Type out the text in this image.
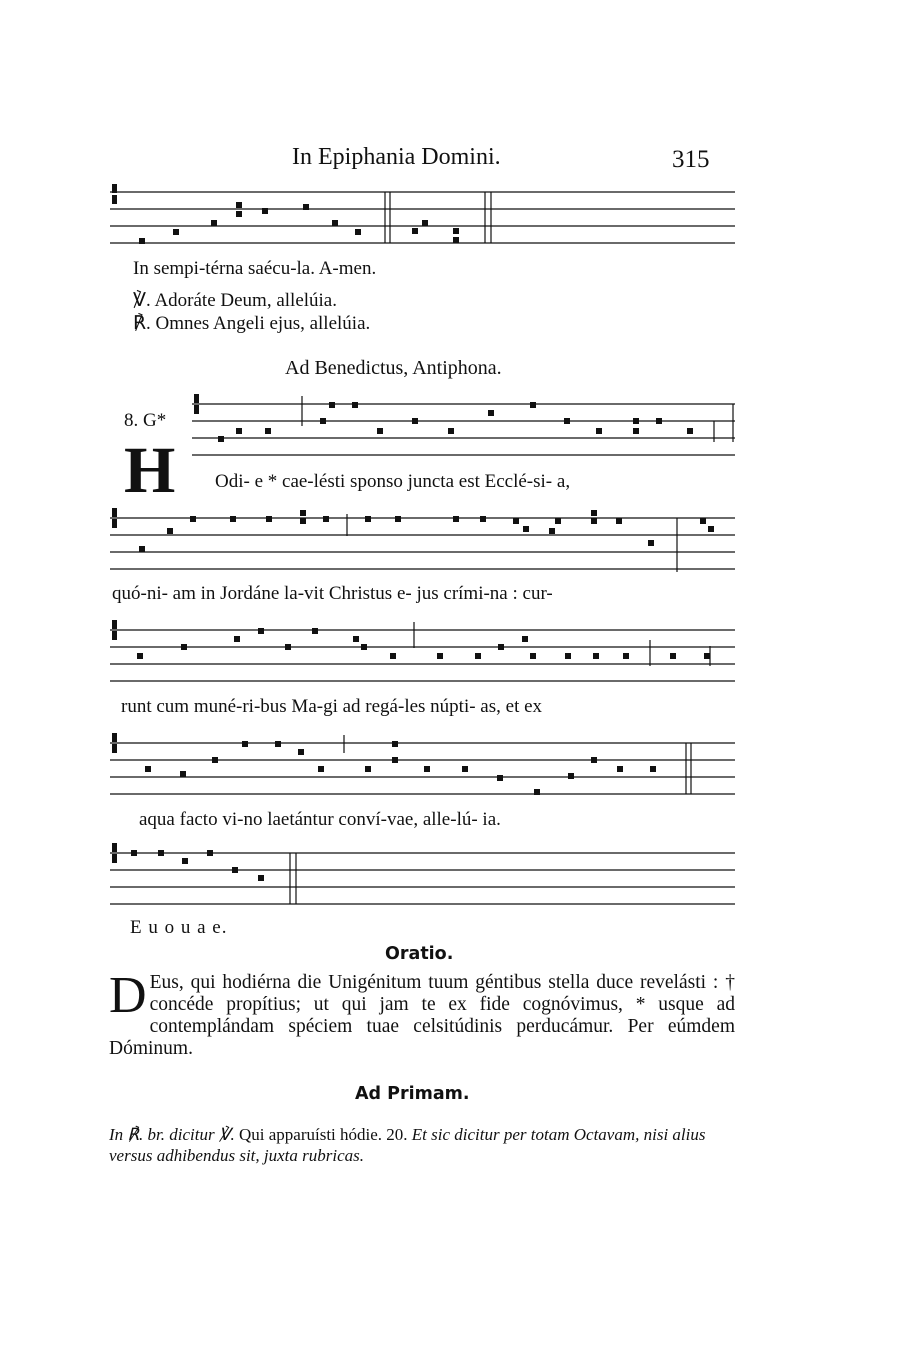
In Epiphania Domini.	315
In sempi-térna saécu-la. A-men.
℣. Adoráte Deum, allelúia.
℟. Omnes Angeli ejus, allelúia.
Ad Benedictus, Antiphona.
8. G*
H Odi- e * cae-lésti sponso juncta est Ecclé-si- a,
quó-ni- am in Jordáne la-vit Christus e- jus crími-na : cur-
runt cum muné-ri-bus Ma-gi ad regá-les núpti- as, et ex
aqua facto vi-no laetántur conví-vae, alle-lú- ia.
E u o u a e.
Oratio.
D Eus, qui hodiérna die Unigénitum tuum géntibus stella duce revelásti : † concéde propítius; ut qui jam te ex fide cognóvimus, * usque ad contemplándam spéciem tuae celsitúdinis perducámur. Per eúmdem Dóminum.
Ad Primam.
In ℟. br. dicitur ℣. Qui apparuísti hódie. 20. Et sic dicitur per totam Octavam, nisi alius versus adhibendus sit, juxta rubricas.
